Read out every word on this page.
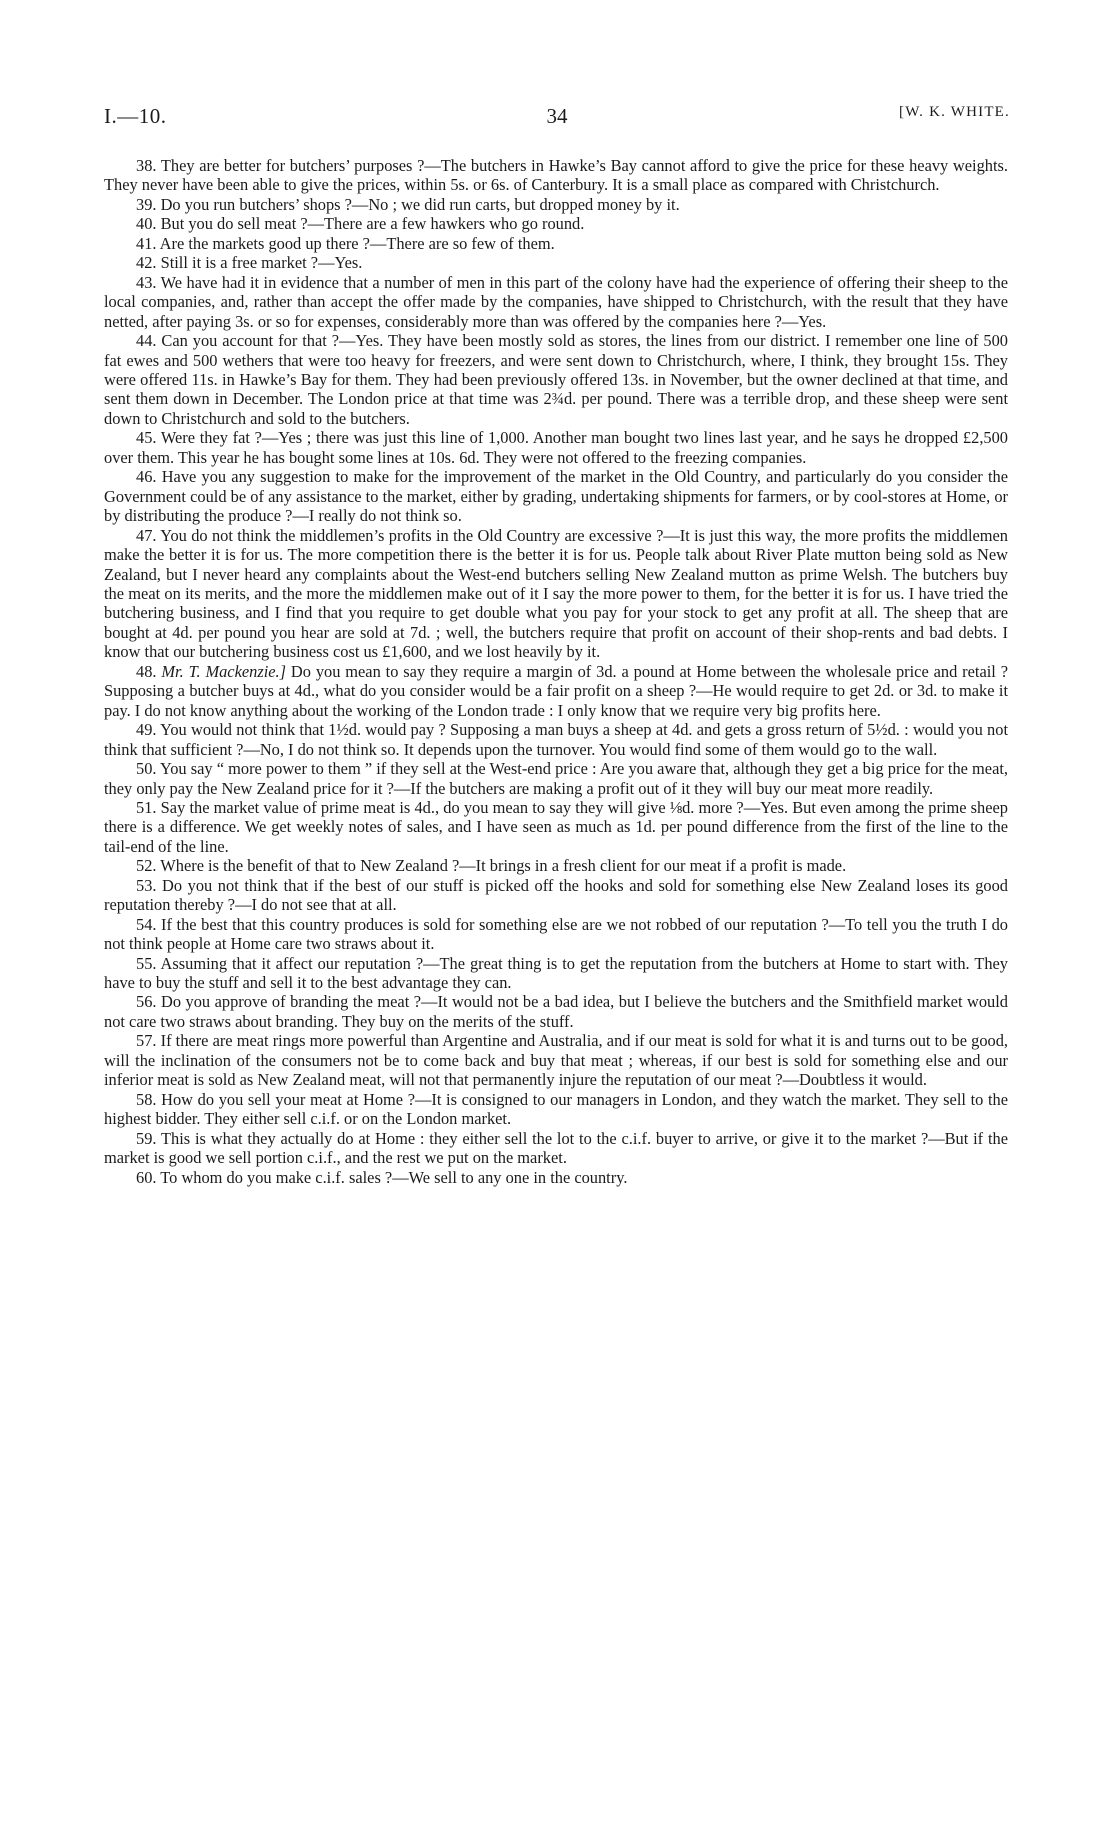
I.—10.	34	[W. K. WHITE.

38. They are better for butchers’ purposes ?—The butchers in Hawke’s Bay cannot afford to give the price for these heavy weights. They never have been able to give the prices, within 5s. or 6s. of Canterbury. It is a small place as compared with Christchurch.

39. Do you run butchers’ shops ?—No ; we did run carts, but dropped money by it.

40. But you do sell meat ?—There are a few hawkers who go round.

41. Are the markets good up there ?—There are so few of them.

42. Still it is a free market ?—Yes.

43. We have had it in evidence that a number of men in this part of the colony have had the experience of offering their sheep to the local companies, and, rather than accept the offer made by the companies, have shipped to Christchurch, with the result that they have netted, after paying 3s. or so for expenses, considerably more than was offered by the companies here ?—Yes.

44. Can you account for that ?—Yes. They have been mostly sold as stores, the lines from our district. I remember one line of 500 fat ewes and 500 wethers that were too heavy for freezers, and were sent down to Christchurch, where, I think, they brought 15s. They were offered 11s. in Hawke’s Bay for them. They had been previously offered 13s. in November, but the owner declined at that time, and sent them down in December. The London price at that time was 2¾d. per pound. There was a terrible drop, and these sheep were sent down to Christchurch and sold to the butchers.

45. Were they fat ?—Yes ; there was just this line of 1,000. Another man bought two lines last year, and he says he dropped £2,500 over them. This year he has bought some lines at 10s. 6d. They were not offered to the freezing companies.

46. Have you any suggestion to make for the improvement of the market in the Old Country, and particularly do you consider the Government could be of any assistance to the market, either by grading, undertaking shipments for farmers, or by cool-stores at Home, or by distributing the produce ?—I really do not think so.

47. You do not think the middlemen’s profits in the Old Country are excessive ?—It is just this way, the more profits the middlemen make the better it is for us. The more competition there is the better it is for us. People talk about River Plate mutton being sold as New Zealand, but I never heard any complaints about the West-end butchers selling New Zealand mutton as prime Welsh. The butchers buy the meat on its merits, and the more the middlemen make out of it I say the more power to them, for the better it is for us. I have tried the butchering business, and I find that you require to get double what you pay for your stock to get any profit at all. The sheep that are bought at 4d. per pound you hear are sold at 7d. ; well, the butchers require that profit on account of their shop-rents and bad debts. I know that our butchering business cost us £1,600, and we lost heavily by it.

48. Mr. T. Mackenzie.] Do you mean to say they require a margin of 3d. a pound at Home between the wholesale price and retail ? Supposing a butcher buys at 4d., what do you consider would be a fair profit on a sheep ?—He would require to get 2d. or 3d. to make it pay. I do not know anything about the working of the London trade : I only know that we require very big profits here.

49. You would not think that 1½d. would pay ? Supposing a man buys a sheep at 4d. and gets a gross return of 5½d. : would you not think that sufficient ?—No, I do not think so. It depends upon the turnover. You would find some of them would go to the wall.

50. You say “ more power to them ” if they sell at the West-end price : Are you aware that, although they get a big price for the meat, they only pay the New Zealand price for it ?—If the butchers are making a profit out of it they will buy our meat more readily.

51. Say the market value of prime meat is 4d., do you mean to say they will give ⅛d. more ?—Yes. But even among the prime sheep there is a difference. We get weekly notes of sales, and I have seen as much as 1d. per pound difference from the first of the line to the tail-end of the line.

52. Where is the benefit of that to New Zealand ?—It brings in a fresh client for our meat if a profit is made.

53. Do you not think that if the best of our stuff is picked off the hooks and sold for something else New Zealand loses its good reputation thereby ?—I do not see that at all.

54. If the best that this country produces is sold for something else are we not robbed of our reputation ?—To tell you the truth I do not think people at Home care two straws about it.

55. Assuming that it affect our reputation ?—The great thing is to get the reputation from the butchers at Home to start with. They have to buy the stuff and sell it to the best advantage they can.

56. Do you approve of branding the meat ?—It would not be a bad idea, but I believe the butchers and the Smithfield market would not care two straws about branding. They buy on the merits of the stuff.

57. If there are meat rings more powerful than Argentine and Australia, and if our meat is sold for what it is and turns out to be good, will the inclination of the consumers not be to come back and buy that meat ; whereas, if our best is sold for something else and our inferior meat is sold as New Zealand meat, will not that permanently injure the reputation of our meat ?—Doubtless it would.

58. How do you sell your meat at Home ?—It is consigned to our managers in London, and they watch the market. They sell to the highest bidder. They either sell c.i.f. or on the London market.

59. This is what they actually do at Home : they either sell the lot to the c.i.f. buyer to arrive, or give it to the market ?—But if the market is good we sell portion c.i.f., and the rest we put on the market.

60. To whom do you make c.i.f. sales ?—We sell to any one in the country.
